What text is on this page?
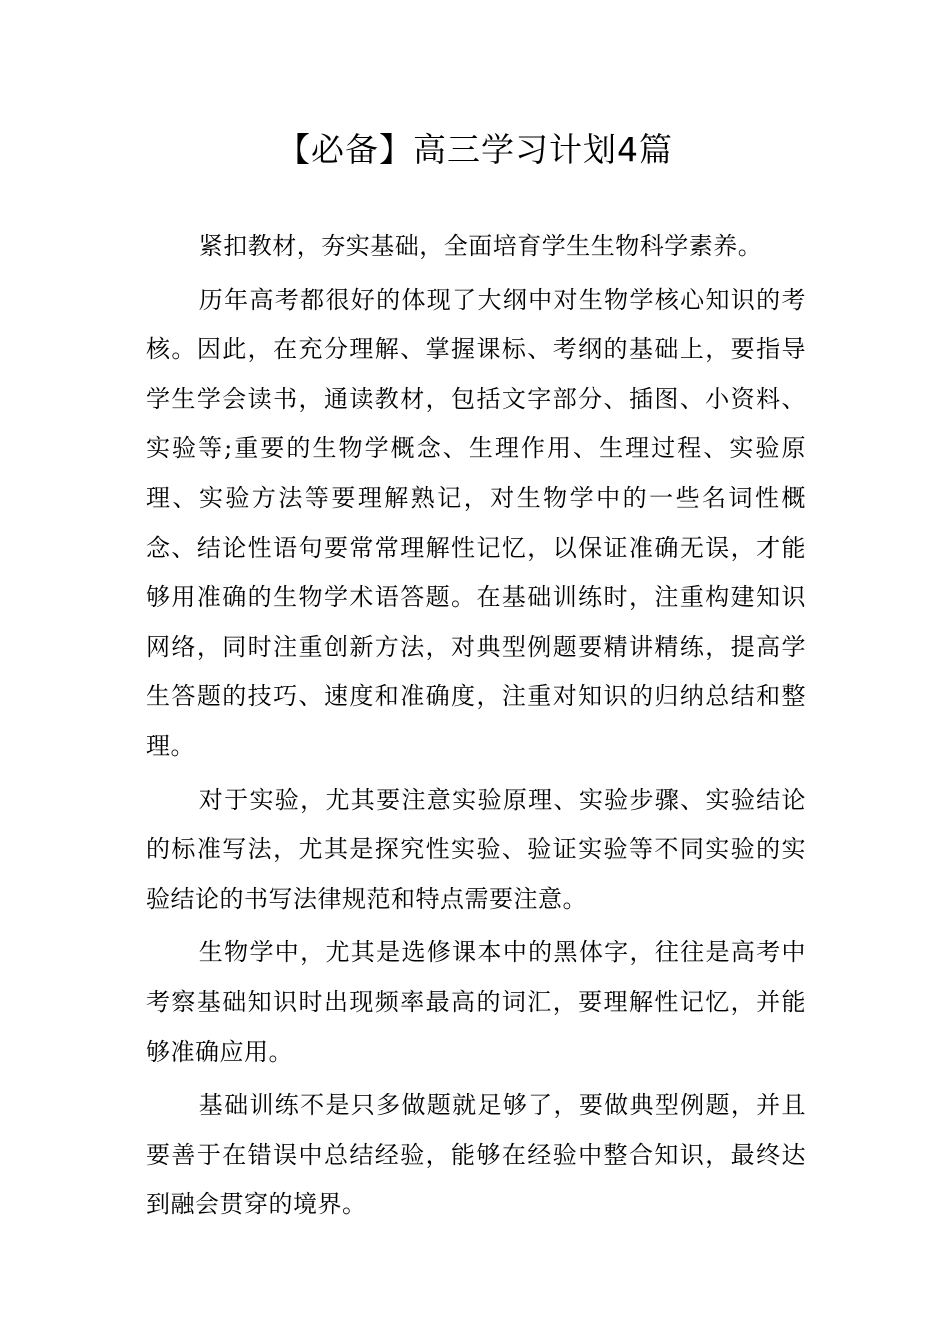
【必备】高三学习计划4篇

紧扣教材，夯实基础，全面培育学生生物科学素养。

历年高考都很好的体现了大纲中对生物学核心知识的考核。因此，在充分理解、掌握课标、考纲的基础上，要指导学生学会读书，通读教材，包括文字部分、插图、小资料、实验等;重要的生物学概念、生理作用、生理过程、实验原理、实验方法等要理解熟记，对生物学中的一些名词性概念、结论性语句要常常理解性记忆，以保证准确无误，才能够用准确的生物学术语答题。在基础训练时，注重构建知识网络，同时注重创新方法，对典型例题要精讲精练，提高学生答题的技巧、速度和准确度，注重对知识的归纳总结和整理。

对于实验，尤其要注意实验原理、实验步骤、实验结论的标准写法，尤其是探究性实验、验证实验等不同实验的实验结论的书写法律规范和特点需要注意。

生物学中，尤其是选修课本中的黑体字，往往是高考中考察基础知识时出现频率最高的词汇，要理解性记忆，并能够准确应用。

基础训练不是只多做题就足够了，要做典型例题，并且要善于在错误中总结经验，能够在经验中整合知识，最终达到融会贯穿的境界。
